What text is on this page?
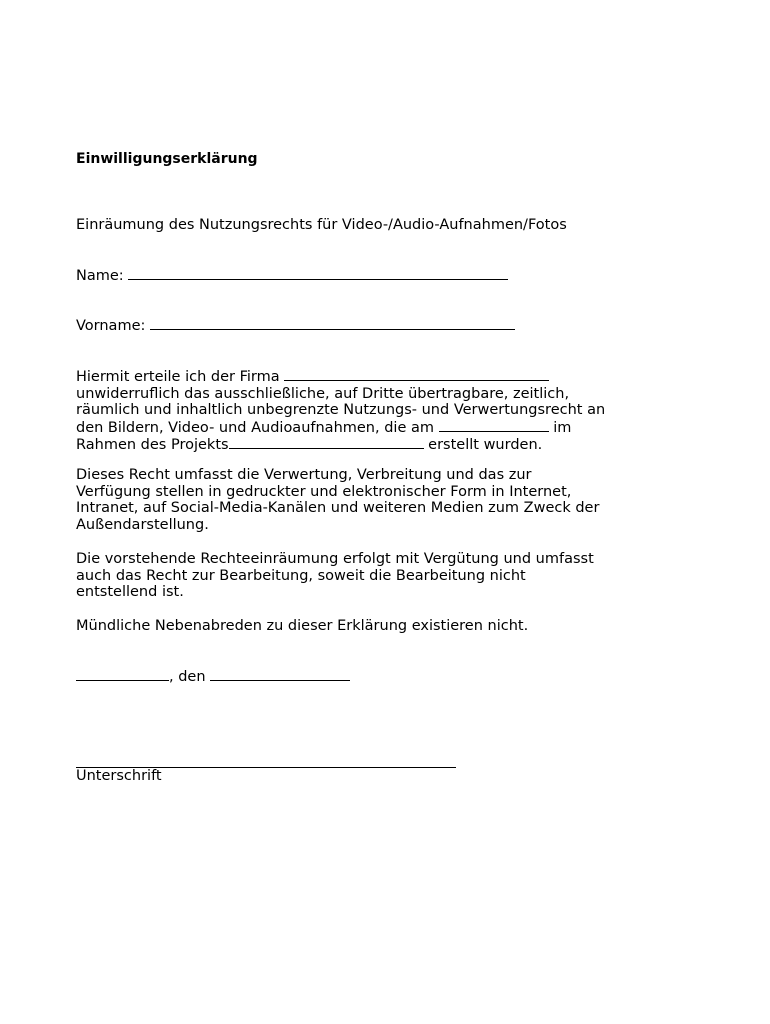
Einwilligungserklärung
Einräumung des Nutzungsrechts für Video-/Audio-Aufnahmen/Fotos
Name:
Vorname:
Hiermit erteile ich der Firma
unwiderruflich das ausschließliche, auf Dritte übertragbare, zeitlich,
räumlich und inhaltlich unbegrenzte Nutzungs- und Verwertungsrecht an
den Bildern, Video- und Audioaufnahmen, die am	im
Rahmen des Projekts	erstellt wurden.
Dieses Recht umfasst die Verwertung, Verbreitung und das zur
Verfügung stellen in gedruckter und elektronischer Form in Internet,
Intranet, auf Social-Media-Kanälen und weiteren Medien zum Zweck der
Außendarstellung.
Die vorstehende Rechteeinräumung erfolgt mit Vergütung und umfasst
auch das Recht zur Bearbeitung, soweit die Bearbeitung nicht
entstellend ist.
Mündliche Nebenabreden zu dieser Erklärung existieren nicht.
, den
Unterschrift
